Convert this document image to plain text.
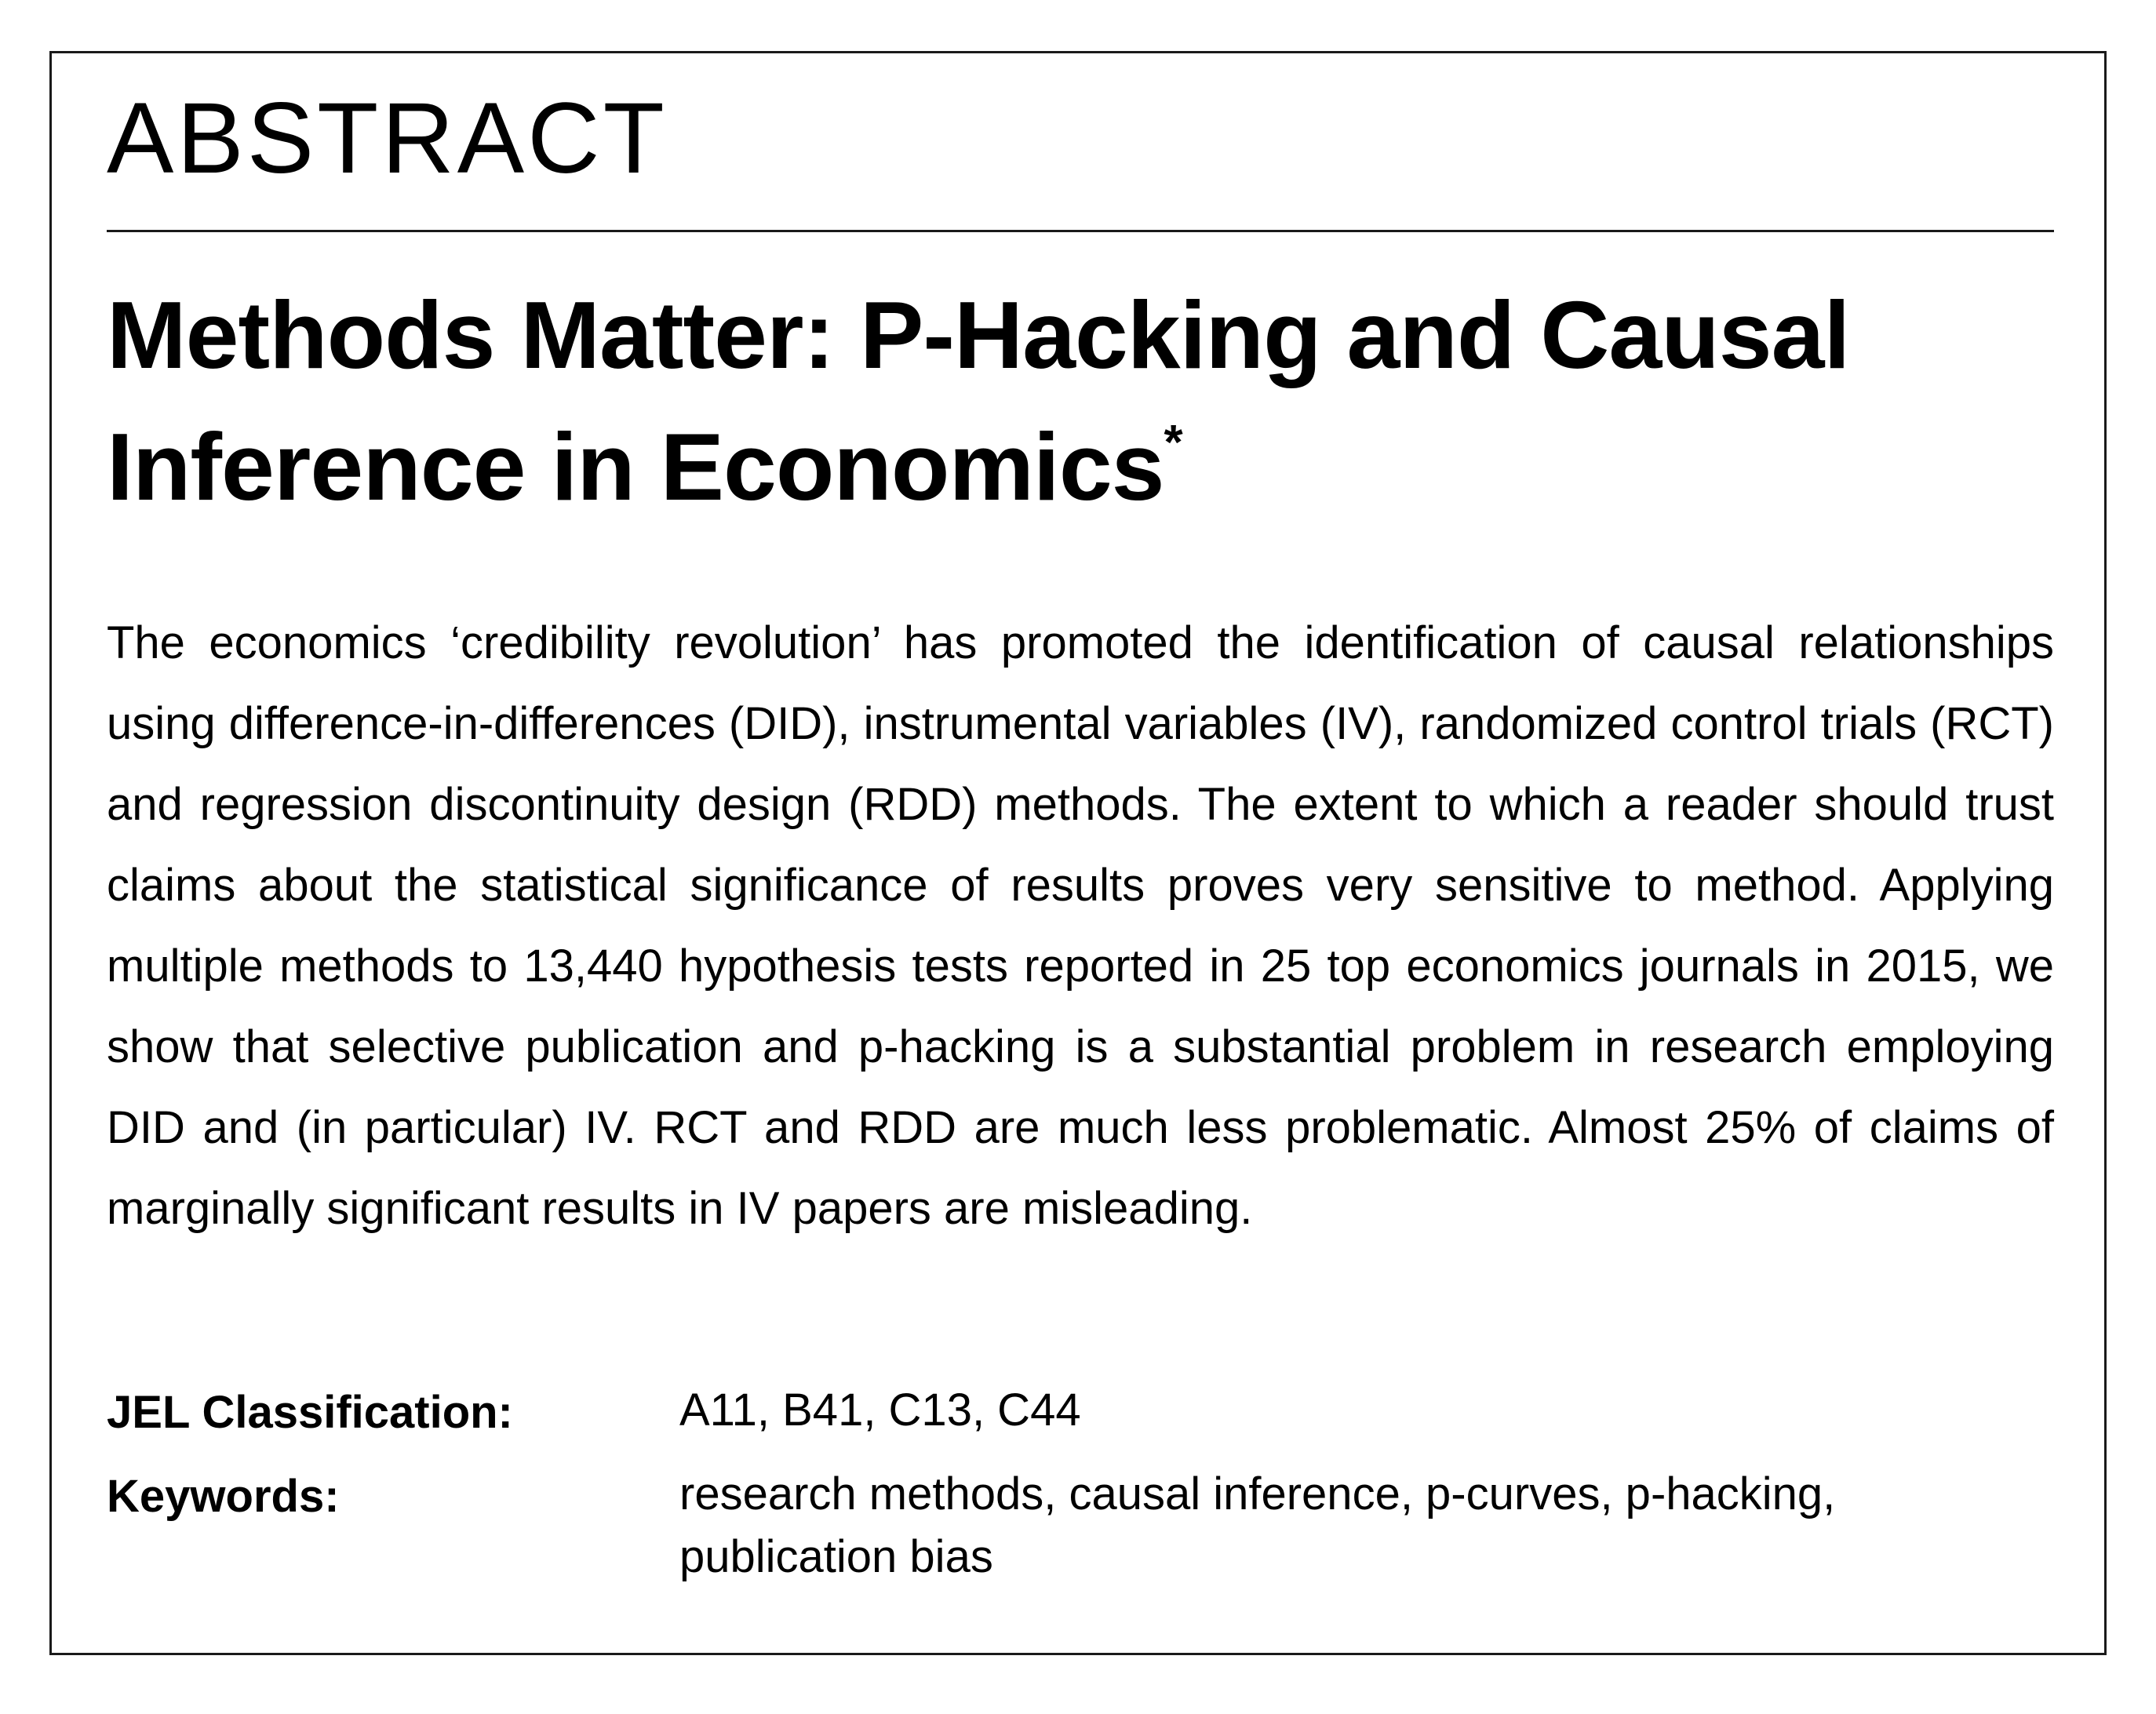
ABSTRACT
Methods Matter: P-Hacking and Causal
Inference in Economics*

The economics ‘credibility revolution’ has promoted the identification of causal relationships using difference-in-differences (DID), instrumental variables (IV), randomized control trials (RCT) and regression discontinuity design (RDD) methods. The extent to which a reader should trust claims about the statistical significance of results proves very sensitive to method. Applying multiple methods to 13,440 hypothesis tests reported in 25 top economics journals in 2015, we show that selective publication and p-hacking is a substantial problem in research employing DID and (in particular) IV. RCT and RDD are much less problematic. Almost 25% of claims of marginally significant results in IV papers are misleading.

JEL Classification:	A11, B41, C13, C44
Keywords:	research methods, causal inference, p-curves, p-hacking, publication bias
